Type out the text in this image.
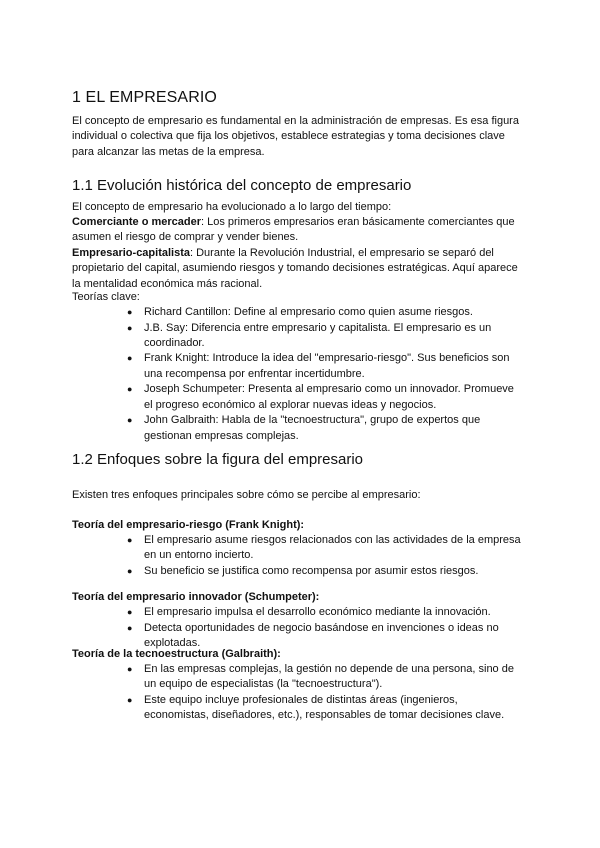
1 EL EMPRESARIO

El concepto de empresario es fundamental en la administración de empresas. Es esa figura individual o colectiva que fija los objetivos, establece estrategias y toma decisiones clave para alcanzar las metas de la empresa.

1.1 Evolución histórica del concepto de empresario

El concepto de empresario ha evolucionado a lo largo del tiempo:

Comerciante o mercader: Los primeros empresarios eran básicamente comerciantes que asumen el riesgo de comprar y vender bienes.

Empresario-capitalista: Durante la Revolución Industrial, el empresario se separó del propietario del capital, asumiendo riesgos y tomando decisiones estratégicas. Aquí aparece la mentalidad económica más racional.

Teorías clave:

● Richard Cantillon: Define al empresario como quien asume riesgos.
● J.B. Say: Diferencia entre empresario y capitalista. El empresario es un coordinador.
● Frank Knight: Introduce la idea del "empresario-riesgo". Sus beneficios son una recompensa por enfrentar incertidumbre.
● Joseph Schumpeter: Presenta al empresario como un innovador. Promueve el progreso económico al explorar nuevas ideas y negocios.
● John Galbraith: Habla de la "tecnoestructura", grupo de expertos que gestionan empresas complejas.
1.2 Enfoques sobre la figura del empresario

Existen tres enfoques principales sobre cómo se percibe al empresario:

Teoría del empresario-riesgo (Frank Knight):

● El empresario asume riesgos relacionados con las actividades de la empresa en un entorno incierto.
● Su beneficio se justifica como recompensa por asumir estos riesgos.

Teoría del empresario innovador (Schumpeter):

● El empresario impulsa el desarrollo económico mediante la innovación.
● Detecta oportunidades de negocio basándose en invenciones o ideas no explotadas.

Teoría de la tecnoestructura (Galbraith):

● En las empresas complejas, la gestión no depende de una persona, sino de un equipo de especialistas (la "tecnoestructura").
● Este equipo incluye profesionales de distintas áreas (ingenieros, economistas, diseñadores, etc.), responsables de tomar decisiones clave.
